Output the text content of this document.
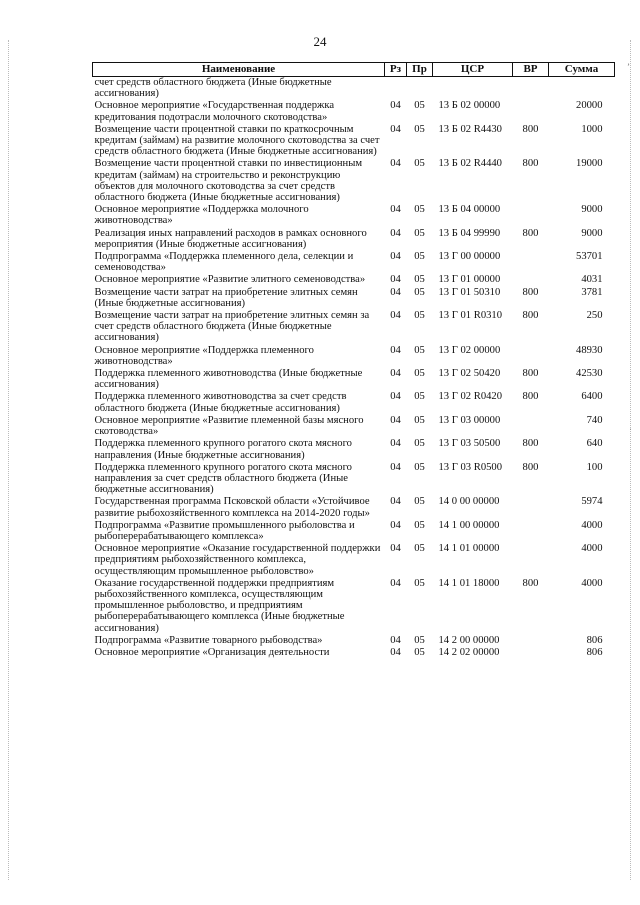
ʼ
ˌ
24
Наименование	Рз	Пр	ЦСР	ВР	Сумма
счет средств областного бюджета (Иные бюджетные ассигнования)					
Основное мероприятие «Государственная поддержка кредитования подотрасли молочного скотоводства»	04	05	13 Б 02 00000		20000
Возмещение части процентной ставки по краткосрочным кредитам (займам) на развитие молочного скотоводства за счет средств областного бюджета (Иные бюджетные ассигнования)	04	05	13 Б 02 R4430	800	1000
Возмещение части процентной ставки по инвестиционным кредитам (займам) на строительство и реконструкцию объектов для молочного скотоводства за счет средств областного бюджета (Иные бюджетные ассигнования)	04	05	13 Б 02 R4440	800	19000
Основное мероприятие «Поддержка молочного животноводства»	04	05	13 Б 04 00000		9000
Реализация иных направлений расходов в рамках основного мероприятия (Иные бюджетные ассигнования)	04	05	13 Б 04 99990	800	9000
Подпрограмма «Поддержка племенного дела, селекции и семеноводства»	04	05	13 Г 00 00000		53701
Основное мероприятие «Развитие элитного семеноводства»	04	05	13 Г 01 00000		4031
Возмещение части затрат на приобретение элитных семян (Иные бюджетные ассигнования)	04	05	13 Г 01 50310	800	3781
Возмещение части затрат на приобретение элитных семян за счет средств областного бюджета (Иные бюджетные ассигнования)	04	05	13 Г 01 R0310	800	250
Основное мероприятие «Поддержка племенного животноводства»	04	05	13 Г 02 00000		48930
Поддержка племенного животноводства (Иные бюджетные ассигнования)	04	05	13 Г 02 50420	800	42530
Поддержка племенного животноводства за счет средств областного бюджета (Иные бюджетные ассигнования)	04	05	13 Г 02 R0420	800	6400
Основное мероприятие «Развитие племенной базы мясного скотоводства»	04	05	13 Г 03 00000		740
Поддержка племенного крупного рогатого скота мясного направления (Иные бюджетные ассигнования)	04	05	13 Г 03 50500	800	640
Поддержка племенного крупного рогатого скота мясного направления за счет средств областного бюджета (Иные бюджетные ассигнования)	04	05	13 Г 03 R0500	800	100
Государственная программа Псковской области «Устойчивое развитие рыбохозяйственного комплекса на 2014-2020 годы»	04	05	14 0 00 00000		5974
Подпрограмма «Развитие промышленного рыболовства и рыбоперерабатывающего комплекса»	04	05	14 1 00 00000		4000
Основное мероприятие «Оказание государственной поддержки предприятиям рыбохозяйственного комплекса, осуществляющим промышленное рыболовство»	04	05	14 1 01 00000		4000
Оказание государственной поддержки предприятиям рыбохозяйственного комплекса, осуществляющим промышленное рыболовство, и предприятиям рыбоперерабатывающего комплекса (Иные бюджетные ассигнования)	04	05	14 1 01 18000	800	4000
Подпрограмма «Развитие товарного рыбоводства»	04	05	14 2 00 00000		806
Основное мероприятие «Организация деятельности	04	05	14 2 02 00000		806
